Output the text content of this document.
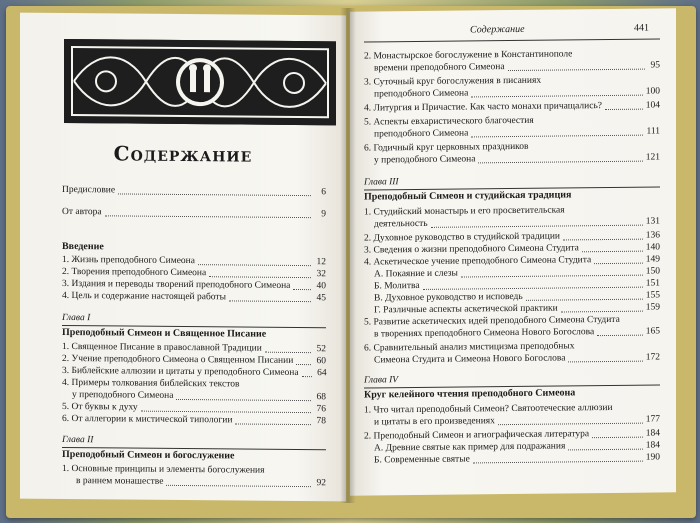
Содержание
Предисловие	6
От автора	9
Введение
1. Жизнь преподобного Симеона	12
2. Творения преподобного Симеона	32
3. Издания и переводы творений преподобного Симеона	40
4. Цель и содержание настоящей работы	45
Глава I
Преподобный Симеон и Священное Писание
1. Священное Писание в православной Традиции	52
2. Учение преподобного Симеона о Священном Писании 60
3. Библейские аллюзии и цитаты у преподобного Симеона 64
4. Примеры толкования библейских текстов
у преподобного Симеона	68
5. От буквы к духу	76
6. От аллегории к мистической типологии	78
Глава II
Преподобный Симеон и богослужение
1. Основные принципы и элементы богослужения
в раннем монашестве	92
Содержание	441
2. Монастырское богослужение в Константинополе
времени преподобного Симеона	95
3. Суточный круг богослужения в писаниях
преподобного Симеона	100
4. Литургия и Причастие. Как часто монахи причащались?	104
5. Аспекты евхаристического благочестия
преподобного Симеона	111
6. Годичный круг церковных праздников
у преподобного Симеона	121
Глава III
Преподобный Симеон и студийская традиция
1. Студийский монастырь и его просветительская
деятельность	131
2. Духовное руководство в студийской традиции	136
3. Сведения о жизни преподобного Симеона Студита	140
4. Аскетическое учение преподобного Симеона Студита	149
А. Покаяние и слезы	150
Б. Молитва	151
В. Духовное руководство и исповедь	155
Г. Различные аспекты аскетической практики	159
5. Развитие аскетических идей преподобного Симеона Студита
в творениях преподобного Симеона Нового Богослова	165
6. Сравнительный анализ мистицизма преподобных
Симеона Студита и Симеона Нового Богослова	172
Глава IV
Круг келейного чтения преподобного Симеона
1. Что читал преподобный Симеон? Святоотеческие аллюзии
и цитаты в его произведениях	177
2. Преподобный Симеон и агиографическая литература	184
А. Древние святые как пример для подражания	184
Б. Современные святые	190
